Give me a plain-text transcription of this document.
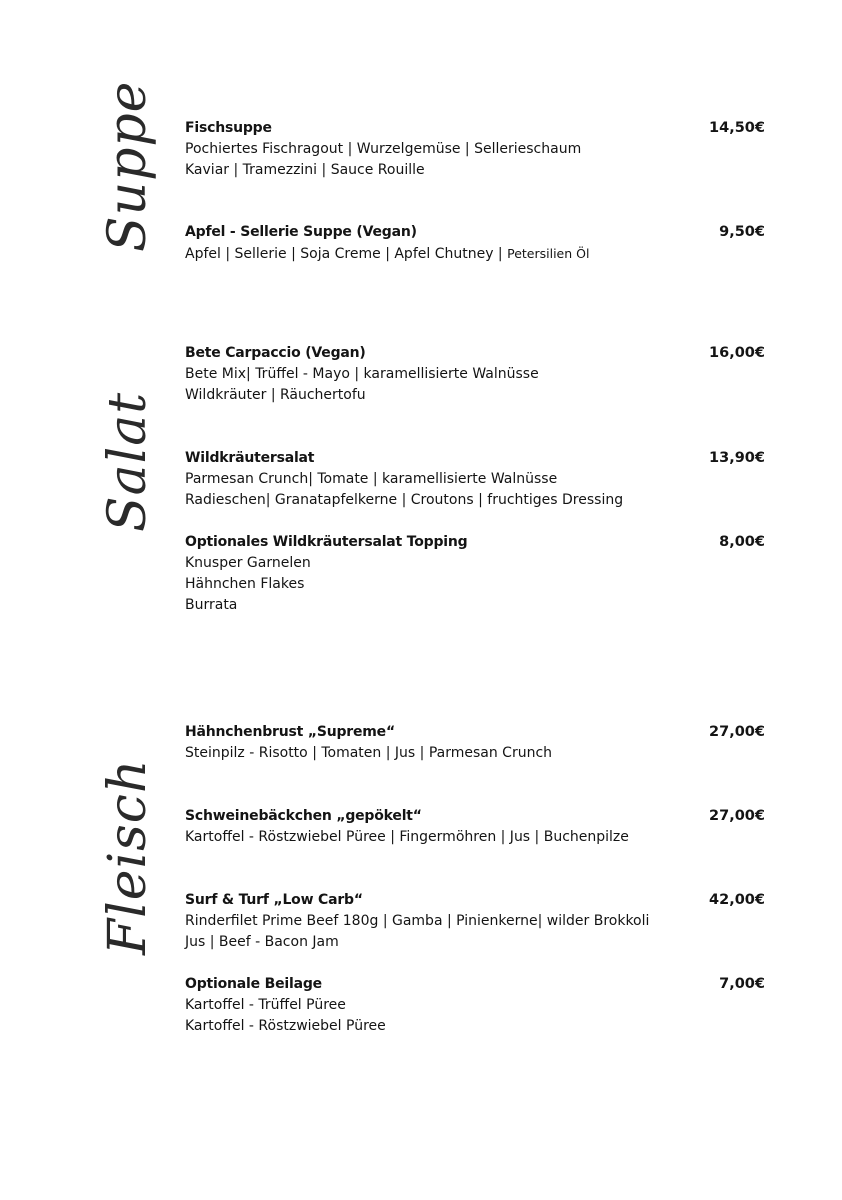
Suppe
Salat
Fleisch
Fischsuppe
Pochiertes Fischragout | Wurzelgemüse | Sellerieschaum
Kaviar | Tramezzini | Sauce Rouille
14,50€
Apfel - Sellerie Suppe (Vegan)
Apfel | Sellerie | Soja Creme | Apfel Chutney | Petersilien Öl
9,50€
Bete Carpaccio (Vegan)
Bete Mix| Trüffel - Mayo | karamellisierte Walnüsse
Wildkräuter | Räuchertofu
16,00€
Wildkräutersalat
Parmesan Crunch| Tomate | karamellisierte Walnüsse
Radieschen| Granatapfelkerne | Croutons | fruchtiges Dressing
13,90€
Optionales Wildkräutersalat Topping
Knusper Garnelen
Hähnchen Flakes
Burrata
8,00€
Hähnchenbrust „Supreme“
Steinpilz - Risotto | Tomaten | Jus | Parmesan Crunch
27,00€
Schweinebäckchen „gepökelt“
Kartoffel - Röstzwiebel Püree | Fingermöhren | Jus | Buchenpilze
27,00€
Surf & Turf „Low Carb“
Rinderfilet Prime Beef 180g | Gamba | Pinienkerne| wilder Brokkoli
Jus | Beef - Bacon Jam
42,00€
Optionale Beilage
Kartoffel - Trüffel Püree
Kartoffel - Röstzwiebel Püree
7,00€
